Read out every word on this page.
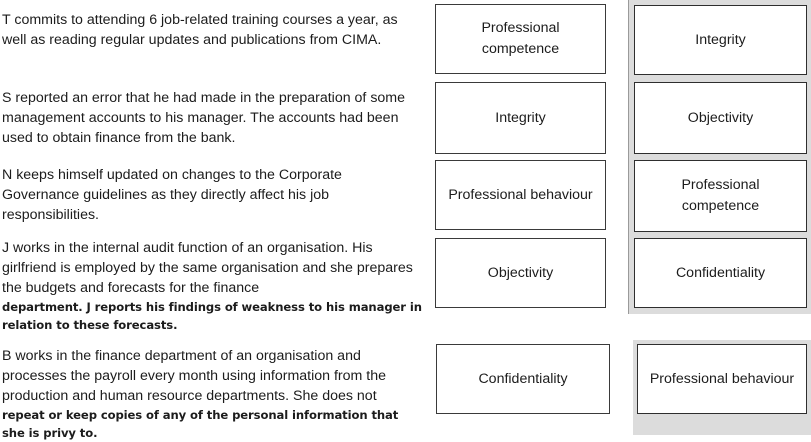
T commits to attending 6 job-related training courses a year, as well as reading regular updates and publications from CIMA.
S reported an error that he had made in the preparation of some management accounts to his manager. The accounts had been used to obtain finance from the bank.
N keeps himself updated on changes to the Corporate Governance guidelines as they directly affect his job responsibilities.
J works in the internal audit function of an organisation. His girlfriend is employed by the same organisation and she prepares the budgets and forecasts for the finance
department. J reports his findings of weakness to his manager in relation to these forecasts.
B works in the finance department of an organisation and processes the payroll every month using information from the production and human resource departments. She does not
repeat or keep copies of any of the personal information that she is privy to.
Professional competence
Integrity
Professional behaviour
Objectivity
Confidentiality
Integrity
Objectivity
Professional competence
Confidentiality
Professional behaviour
